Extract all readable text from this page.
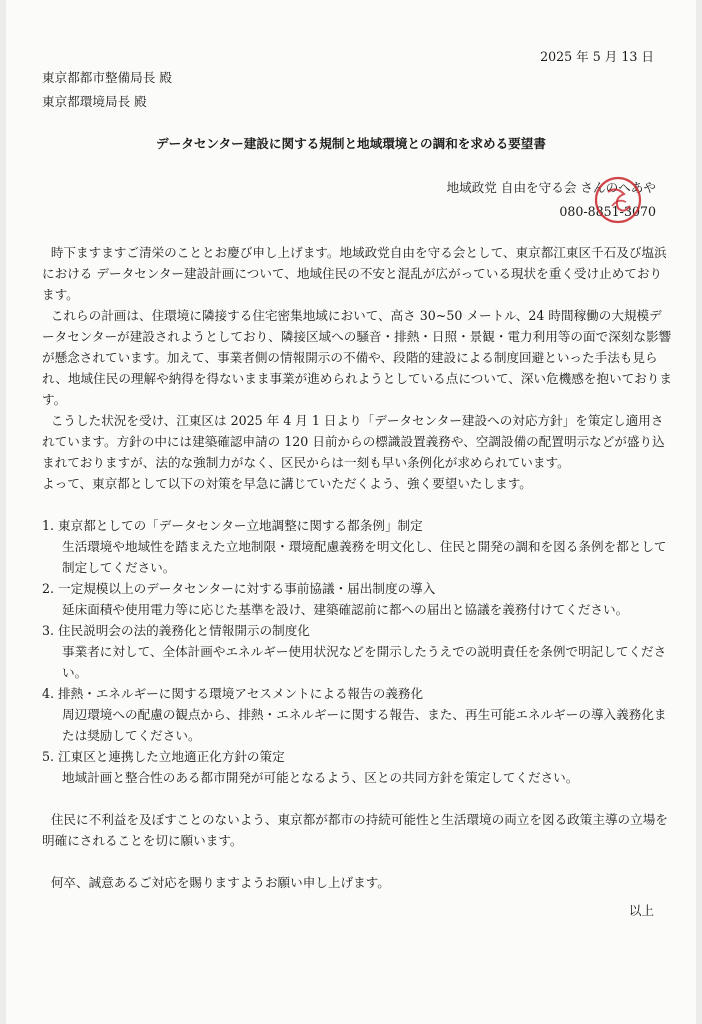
2025 年 5 月 13 日
東京都都市整備局長 殿
東京都環境局長 殿
データセンター建設に関する規制と地域環境との調和を求める要望書
地域政党 自由を守る会 さんのへあや
080-8851-3070

時下ますますご清栄のこととお慶び申し上げます。地域政党自由を守る会として、東京都江東区千石及び塩浜における データセンター建設計画について、地域住民の不安と混乱が広がっている現状を重く受け止めております。

これらの計画は、住環境に隣接する住宅密集地域において、高さ 30~50 メートル、24 時間稼働の大規模データセンターが建設されようとしており、隣接区域への騒音・排熱・日照・景観・電力利用等の面で深刻な影響が懸念されています。加えて、事業者側の情報開示の不備や、段階的建設による制度回避といった手法も見られ、地域住民の理解や納得を得ないまま事業が進められようとしている点について、深い危機感を抱いております。

こうした状況を受け、江東区は 2025 年 4 月 1 日より「データセンター建設への対応方針」を策定し適用されています。方針の中には建築確認申請の 120 日前からの標識設置義務や、空調設備の配置明示などが盛り込まれておりますが、法的な強制力がなく、区民からは一刻も早い条例化が求められています。

よって、東京都として以下の対策を早急に講じていただくよう、強く要望いたします。

1. 東京都としての「データセンター立地調整に関する都条例」制定
生活環境や地域性を踏まえた立地制限・環境配慮義務を明文化し、住民と開発の調和を図る条例を都として制定してください。
2. 一定規模以上のデータセンターに対する事前協議・届出制度の導入
延床面積や使用電力等に応じた基準を設け、建築確認前に都への届出と協議を義務付けてください。
3. 住民説明会の法的義務化と情報開示の制度化
事業者に対して、全体計画やエネルギー使用状況などを開示したうえでの説明責任を条例で明記してください。
4. 排熱・エネルギーに関する環境アセスメントによる報告の義務化
周辺環境への配慮の観点から、排熱・エネルギーに関する報告、また、再生可能エネルギーの導入義務化または奨励してください。
5. 江東区と連携した立地適正化方針の策定
地域計画と整合性のある都市開発が可能となるよう、区との共同方針を策定してください。

住民に不利益を及ぼすことのないよう、東京都が都市の持続可能性と生活環境の両立を図る政策主導の立場を明確にされることを切に願います。

何卒、誠意あるご対応を賜りますようお願い申し上げます。

以上
